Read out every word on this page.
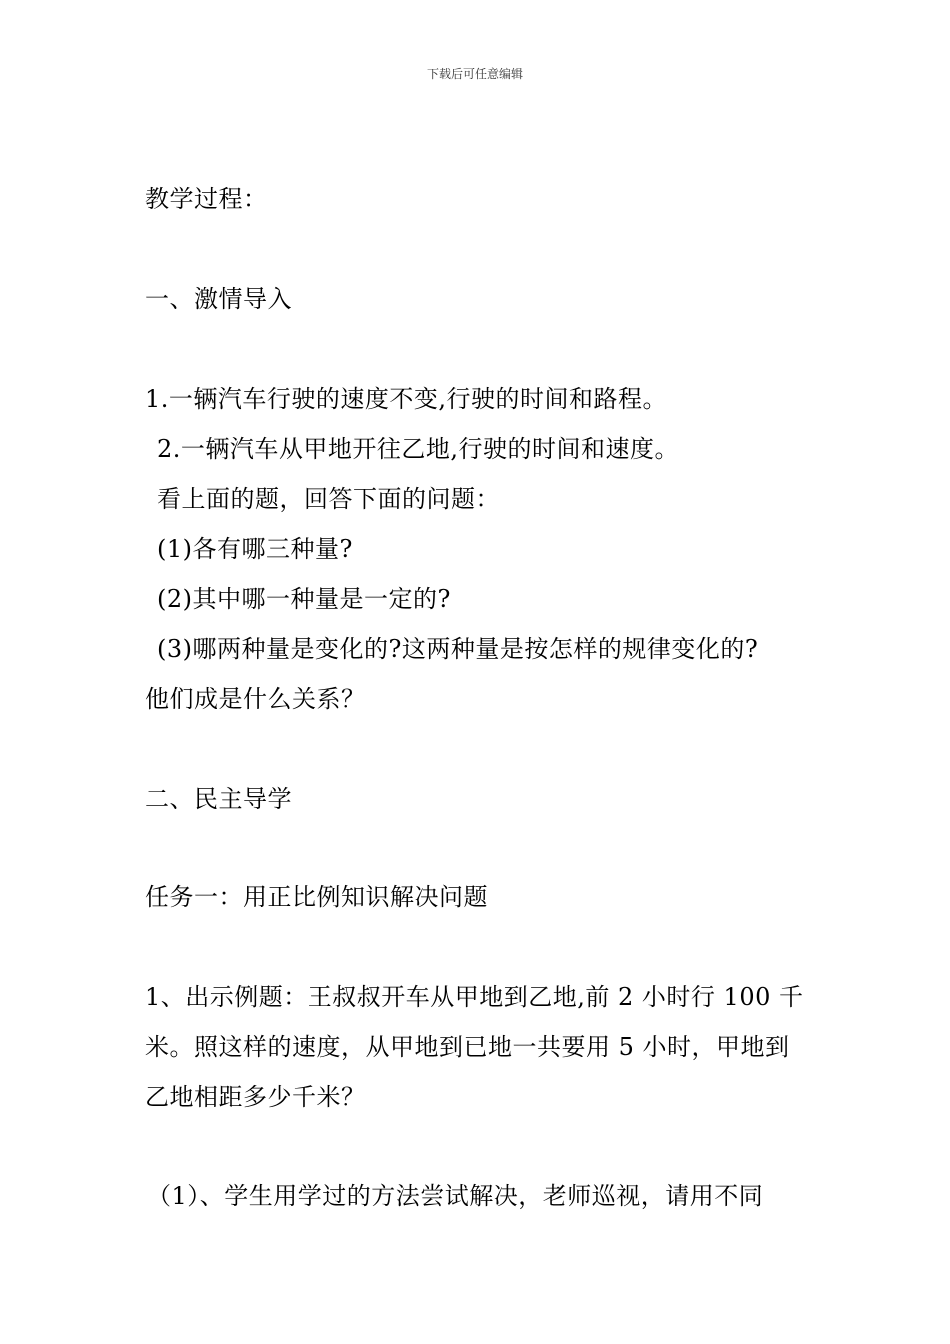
下载后可任意编辑
教学过程：
一、激情导入
1.一辆汽车行驶的速度不变,行驶的时间和路程。
2.一辆汽车从甲地开往乙地,行驶的时间和速度。
看上面的题，回答下面的问题：
(1)各有哪三种量?
(2)其中哪一种量是一定的?
(3)哪两种量是变化的?这两种量是按怎样的规律变化的?
他们成是什么关系？
二、民主导学
任务一：用正比例知识解决问题
1、出示例题：王叔叔开车从甲地到乙地,前 2 小时行 100 千
米。照这样的速度，从甲地到已地一共要用 5 小时，甲地到
乙地相距多少千米？
（1）、学生用学过的方法尝试解决，老师巡视，请用不同
